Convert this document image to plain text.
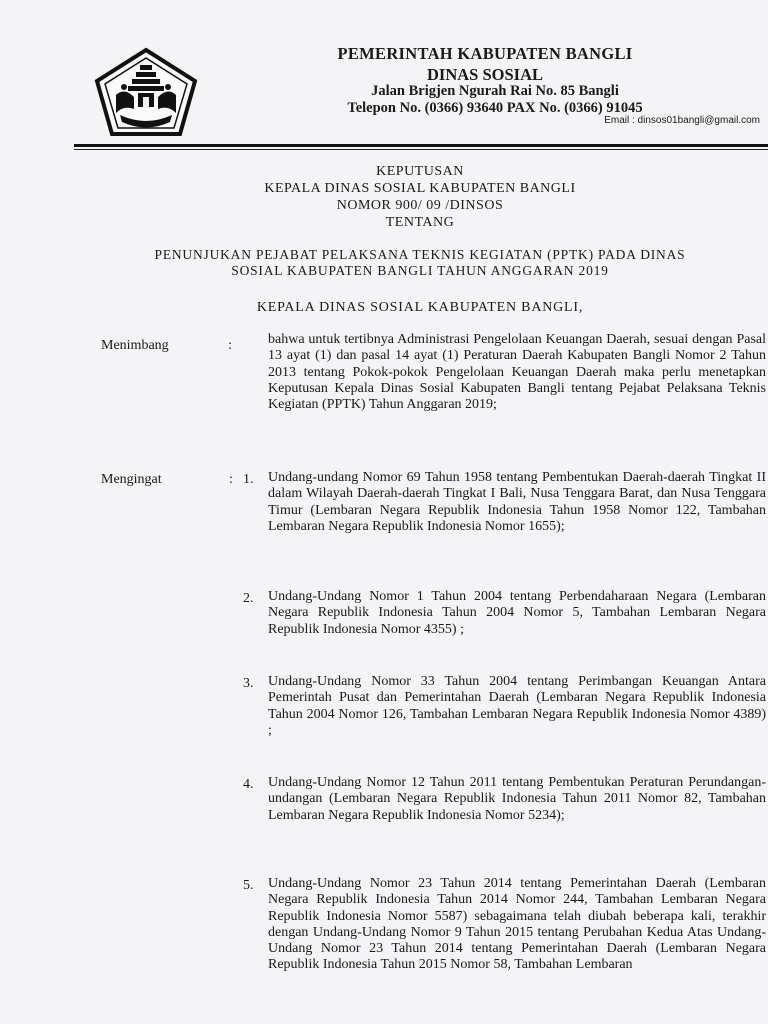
PEMERINTAH KABUPATEN BANGLI
DINAS SOSIAL
Jalan Brigjen Ngurah Rai No. 85 Bangli
Telepon No. (0366) 93640 PAX No. (0366) 91045
Email : dinsos01bangli@gmail.com
KEPUTUSAN
KEPALA DINAS SOSIAL KABUPATEN BANGLI
NOMOR 900/ 09 /DINSOS
TENTANG
PENUNJUKAN PEJABAT PELAKSANA TEKNIS KEGIATAN (PPTK) PADA DINAS
SOSIAL KABUPATEN BANGLI TAHUN ANGGARAN 2019
KEPALA DINAS SOSIAL KABUPATEN BANGLI,
Menimbang	:	bahwa untuk tertibnya Administrasi Pengelolaan Keuangan Daerah, sesuai dengan Pasal 13 ayat (1) dan pasal 14 ayat (1) Peraturan Daerah Kabupaten Bangli Nomor 2 Tahun 2013 tentang Pokok-pokok Pengelolaan Keuangan Daerah maka perlu menetapkan Keputusan Kepala Dinas Sosial Kabupaten Bangli tentang Pejabat Pelaksana Teknis Kegiatan (PPTK) Tahun Anggaran 2019;
Mengingat	: 1. Undang-undang Nomor 69 Tahun 1958 tentang Pembentukan Daerah-daerah Tingkat II dalam Wilayah Daerah-daerah Tingkat I Bali, Nusa Tenggara Barat, dan Nusa Tenggara Timur (Lembaran Negara Republik Indonesia Tahun 1958 Nomor 122, Tambahan Lembaran Negara Republik Indonesia Nomor 1655);
2. Undang-Undang Nomor 1 Tahun 2004 tentang Perbendaharaan Negara (Lembaran Negara Republik Indonesia Tahun 2004 Nomor 5, Tambahan Lembaran Negara Republik Indonesia Nomor 4355) ;
3. Undang-Undang Nomor 33 Tahun 2004 tentang Perimbangan Keuangan Antara Pemerintah Pusat dan Pemerintahan Daerah (Lembaran Negara Republik Indonesia Tahun 2004 Nomor 126, Tambahan Lembaran Negara Republik Indonesia Nomor 4389) ;
4. Undang-Undang Nomor 12 Tahun 2011 tentang Pembentukan Peraturan Perundangan-undangan (Lembaran Negara Republik Indonesia Tahun 2011 Nomor 82, Tambahan Lembaran Negara Republik Indonesia Nomor 5234);
5. Undang-Undang Nomor 23 Tahun 2014 tentang Pemerintahan Daerah (Lembaran Negara Republik Indonesia Tahun 2014 Nomor 244, Tambahan Lembaran Negara Republik Indonesia Nomor 5587) sebagaimana telah diubah beberapa kali, terakhir dengan Undang-Undang Nomor 9 Tahun 2015 tentang Perubahan Kedua Atas Undang-Undang Nomor 23 Tahun 2014 tentang Pemerintahan Daerah (Lembaran Negara Republik Indonesia Tahun 2015 Nomor 58, Tambahan Lembaran
